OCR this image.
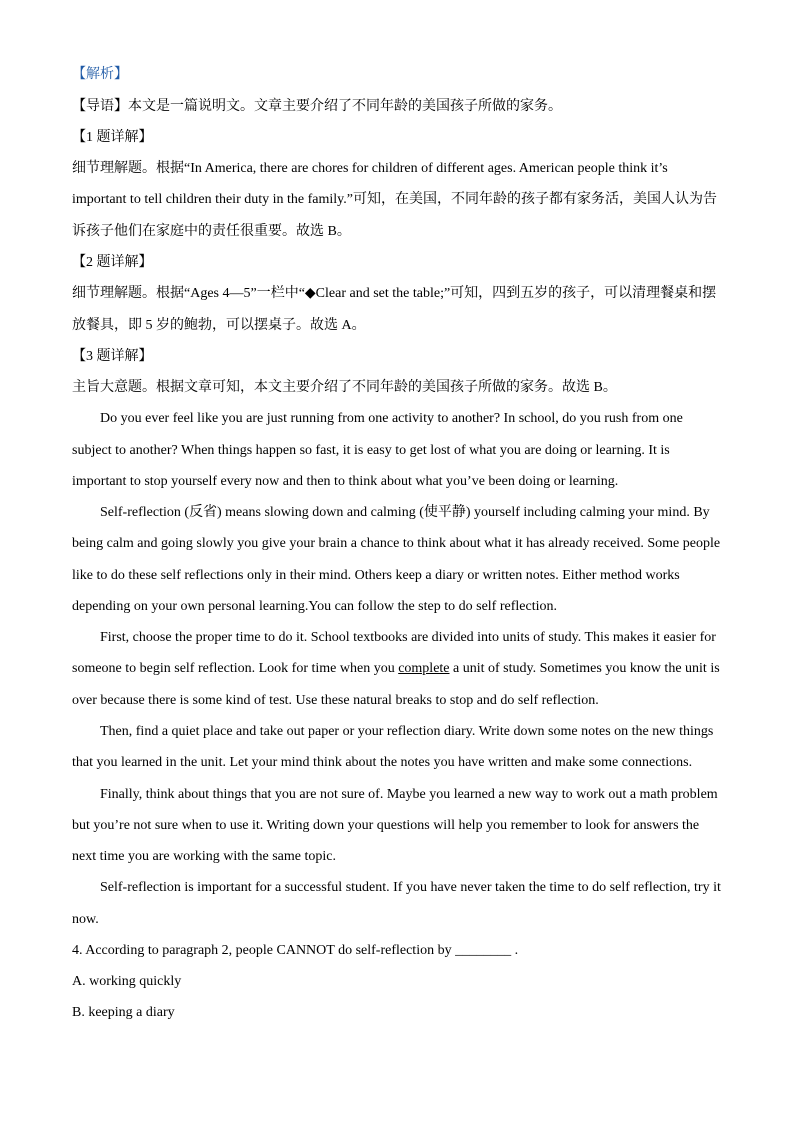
【解析】
【导语】本文是一篇说明文。文章主要介绍了不同年龄的美国孩子所做的家务。
【1 题详解】
细节理解题。根据“In America, there are chores for children of different ages. American people think it’s
important to tell children their duty in the family.”可知，在美国，不同年龄的孩子都有家务活，美国人认为告
诉孩子他们在家庭中的责任很重要。故选 B。
【2 题详解】
细节理解题。根据“Ages 4—5”一栏中“◆Clear and set the table;”可知，四到五岁的孩子，可以清理餐桌和摆
放餐具，即 5 岁的鲍勃，可以摆桌子。故选 A。
【3 题详解】
主旨大意题。根据文章可知，本文主要介绍了不同年龄的美国孩子所做的家务。故选 B。
Do you ever feel like you are just running from one activity to another? In school, do you rush from one
subject to another? When things happen so fast, it is easy to get lost of what you are doing or learning. It is
important to stop yourself every now and then to think about what you’ve been doing or learning.
Self-reflection (反省) means slowing down and calming (使平静) yourself including calming your mind. By
being calm and going slowly you give your brain a chance to think about what it has already received. Some people
like to do these self reflections only in their mind. Others keep a diary or written notes. Either method works
depending on your own personal learning.You can follow the step to do self reflection.
First, choose the proper time to do it. School textbooks are divided into units of study. This makes it easier for
someone to begin self reflection. Look for time when you complete a unit of study. Sometimes you know the unit is
over because there is some kind of test. Use these natural breaks to stop and do self reflection.
Then, find a quiet place and take out paper or your reflection diary. Write down some notes on the new things
that you learned in the unit. Let your mind think about the notes you have written and make some connections.
Finally, think about things that you are not sure of. Maybe you learned a new way to work out a math problem
but you’re not sure when to use it. Writing down your questions will help you remember to look for answers the
next time you are working with the same topic.
Self-reflection is important for a successful student. If you have never taken the time to do self reflection, try it
now.
4. According to paragraph 2, people CANNOT do self-reflection by ________ .
A. working quickly
B. keeping a diary
